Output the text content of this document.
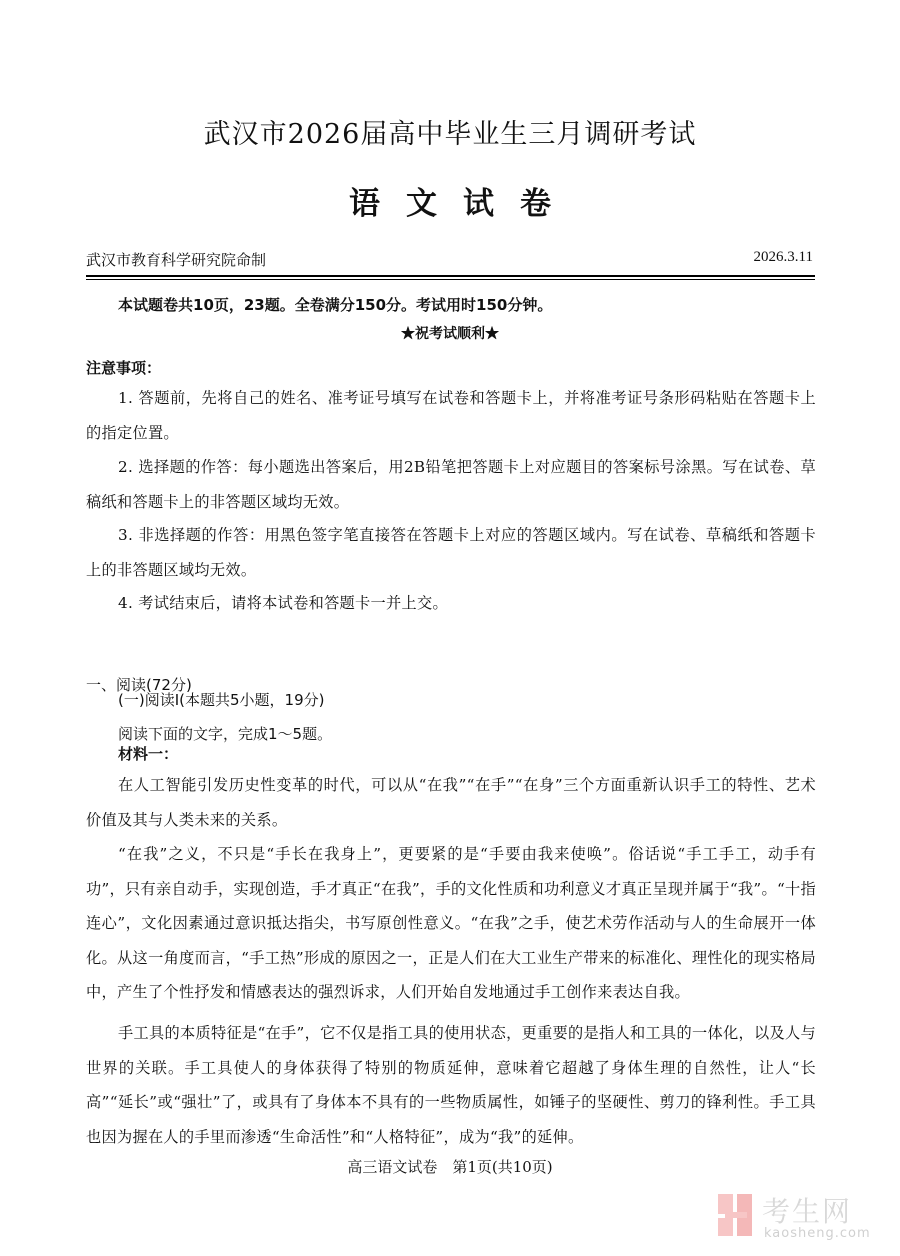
武汉市2026届高中毕业生三月调研考试
语文试卷
武汉市教育科学研究院命制	2026.3.11
本试题卷共10页，23题。全卷满分150分。考试用时150分钟。
★祝考试顺利★
注意事项：
1. 答题前，先将自己的姓名、准考证号填写在试卷和答题卡上，并将准考证号条形码粘贴在答题卡上的指定位置。
2. 选择题的作答：每小题选出答案后，用2B铅笔把答题卡上对应题目的答案标号涂黑。写在试卷、草稿纸和答题卡上的非答题区域均无效。
3. 非选择题的作答：用黑色签字笔直接答在答题卡上对应的答题区域内。写在试卷、草稿纸和答题卡上的非答题区域均无效。
4. 考试结束后，请将本试卷和答题卡一并上交。
一、阅读(72分)
(一)阅读Ⅰ(本题共5小题，19分)
阅读下面的文字，完成1～5题。
材料一：
在人工智能引发历史性变革的时代，可以从“在我”“在手”“在身”三个方面重新认识手工的特性、艺术价值及其与人类未来的关系。
“在我”之义，不只是“手长在我身上”，更要紧的是“手要由我来使唤”。俗话说“手工手工，动手有功”，只有亲自动手，实现创造，手才真正“在我”，手的文化性质和功利意义才真正呈现并属于“我”。“十指连心”，文化因素通过意识抵达指尖，书写原创性意义。“在我”之手，使艺术劳作活动与人的生命展开一体化。从这一角度而言，“手工热”形成的原因之一，正是人们在大工业生产带来的标准化、理性化的现实格局中，产生了个性抒发和情感表达的强烈诉求，人们开始自发地通过手工创作来表达自我。
手工具的本质特征是“在手”，它不仅是指工具的使用状态，更重要的是指人和工具的一体化，以及人与世界的关联。手工具使人的身体获得了特别的物质延伸，意味着它超越了身体生理的自然性，让人“长高”“延长”或“强壮”了，或具有了身体本不具有的一些物质属性，如锤子的坚硬性、剪刀的锋利性。手工具也因为握在人的手里而渗透“生命活性”和“人格特征”，成为“我”的延伸。
高三语文试卷　第1页(共10页)
考生网
kaosheng.com
